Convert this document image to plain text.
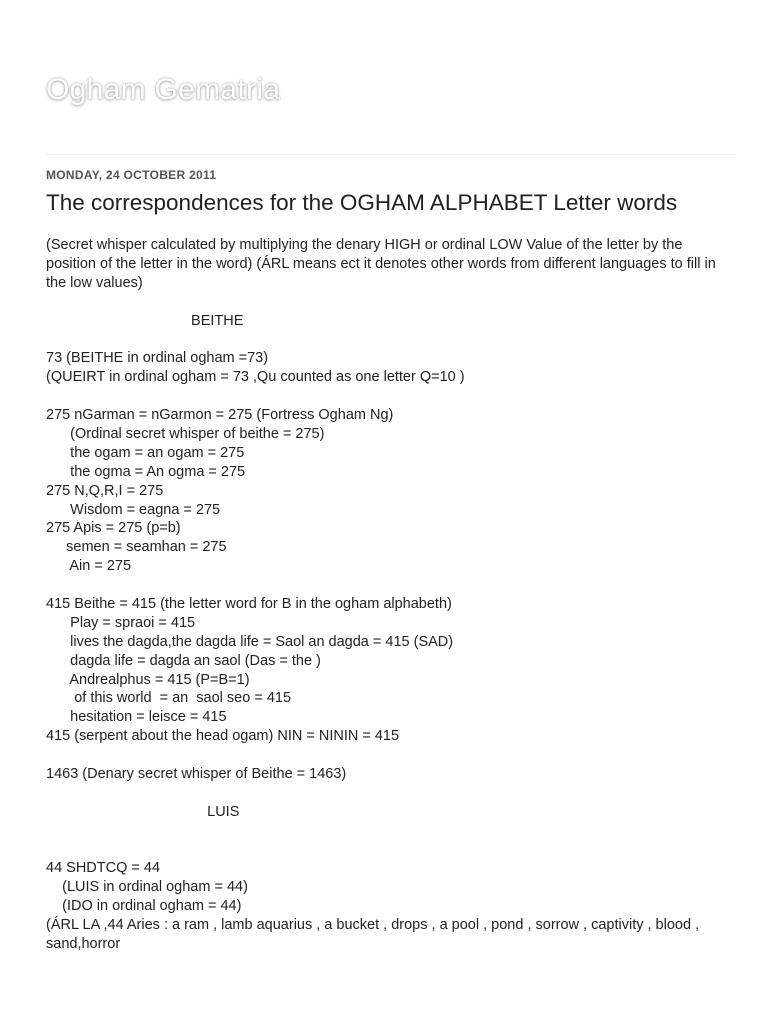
Ogham Gematria
MONDAY, 24 OCTOBER 2011
The correspondences for the OGHAM ALPHABET Letter words
(Secret whisper calculated by multiplying the denary HIGH or ordinal LOW Value of the letter by the position of the letter in the word) (ÁRL means ect it denotes other words from different languages to fill in the low values)
BEITHE
73 (BEITHE in ordinal ogham =73)
(QUEIRT in ordinal ogham = 73 ,Qu counted as one letter Q=10 )
275 nGarman = nGarmon = 275 (Fortress Ogham Ng)
(Ordinal secret whisper of beithe = 275)
the ogam = an ogam = 275
the ogma = An ogma = 275
275 N,Q,R,I = 275
Wisdom = eagna = 275
275 Apis = 275 (p=b)
semen = seamhan = 275
Ain = 275
415 Beithe = 415 (the letter word for B in the ogham alphabeth)
Play = spraoi = 415
lives the dagda,the dagda life = Saol an dagda = 415 (SAD)
dagda life = dagda an saol (Das = the )
Andrealphus = 415 (P=B=1)
of this world  = an  saol seo = 415
hesitation = leisce = 415
415 (serpent about the head ogam) NIN = NININ = 415
1463 (Denary secret whisper of Beithe = 1463)
LUIS
44 SHDTCQ = 44
(LUIS in ordinal ogham = 44)
(IDO in ordinal ogham = 44)
(ÁRL LA ,44 Aries : a ram , lamb aquarius , a bucket , drops , a pool , pond , sorrow , captivity , blood , sand,horror
